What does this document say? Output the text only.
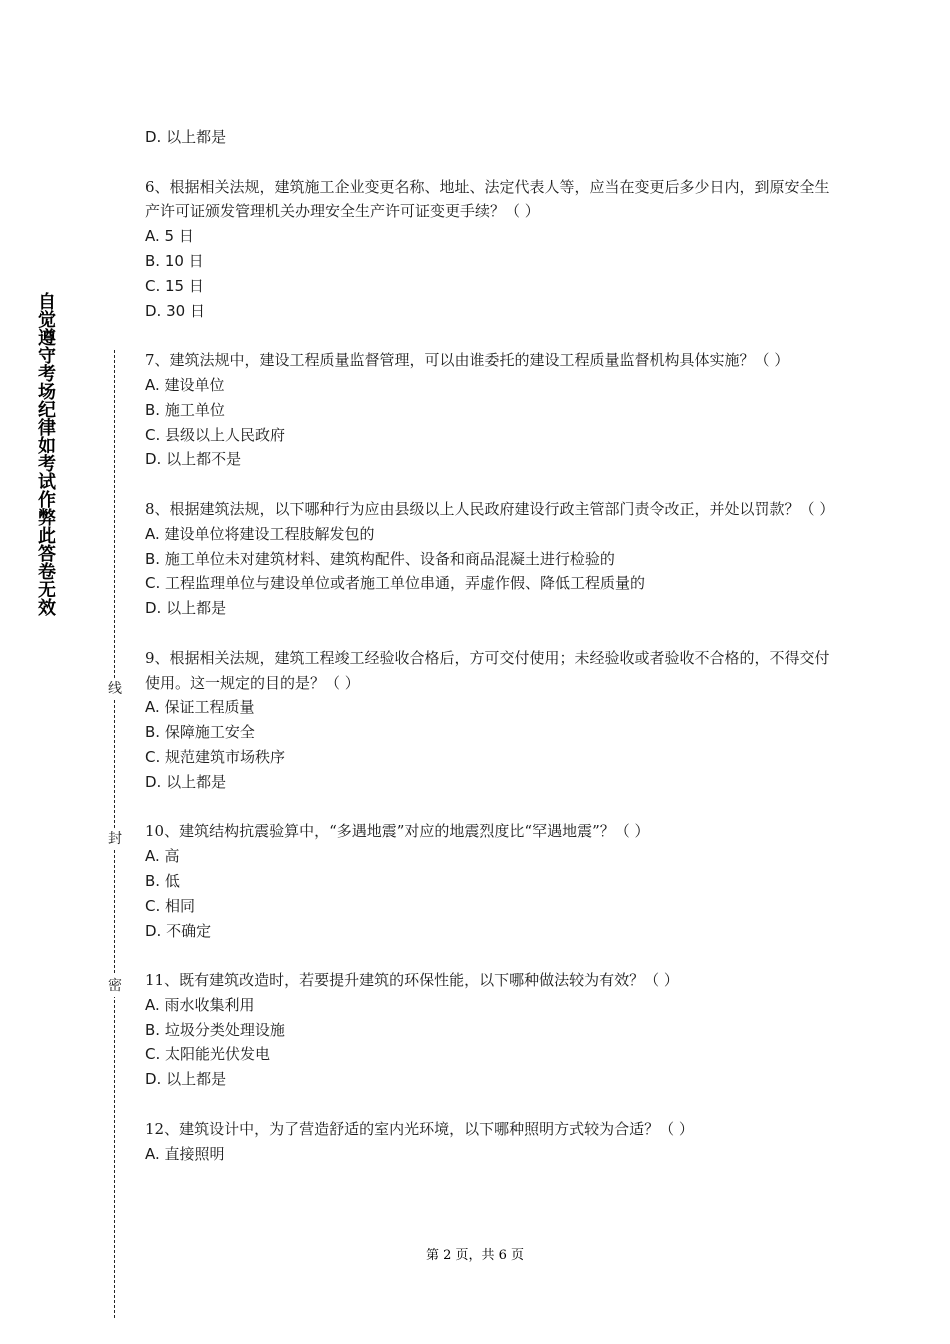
自觉遵守考场纪律如考试作弊此答卷无效
线
封
密
D. 以上都是
6、根据相关法规，建筑施工企业变更名称、地址、法定代表人等，应当在变更后多少日内，到原安全生产许可证颁发管理机关办理安全生产许可证变更手续？（ ）
A. 5 日
B. 10 日
C. 15 日
D. 30 日
7、建筑法规中，建设工程质量监督管理，可以由谁委托的建设工程质量监督机构具体实施？（ ）
A. 建设单位
B. 施工单位
C. 县级以上人民政府
D. 以上都不是
8、根据建筑法规，以下哪种行为应由县级以上人民政府建设行政主管部门责令改正，并处以罚款？（ ）
A. 建设单位将建设工程肢解发包的
B. 施工单位未对建筑材料、建筑构配件、设备和商品混凝土进行检验的
C. 工程监理单位与建设单位或者施工单位串通，弄虚作假、降低工程质量的
D. 以上都是
9、根据相关法规，建筑工程竣工经验收合格后，方可交付使用；未经验收或者验收不合格的，不得交付使用。这一规定的目的是？（ ）
A. 保证工程质量
B. 保障施工安全
C. 规范建筑市场秩序
D. 以上都是
10、建筑结构抗震验算中，“多遇地震”对应的地震烈度比“罕遇地震”？（ ）
A. 高
B. 低
C. 相同
D. 不确定
11、既有建筑改造时，若要提升建筑的环保性能，以下哪种做法较为有效？（ ）
A. 雨水收集利用
B. 垃圾分类处理设施
C. 太阳能光伏发电
D. 以上都是
12、建筑设计中，为了营造舒适的室内光环境，以下哪种照明方式较为合适？（ ）
A. 直接照明
第 2 页，共 6 页
